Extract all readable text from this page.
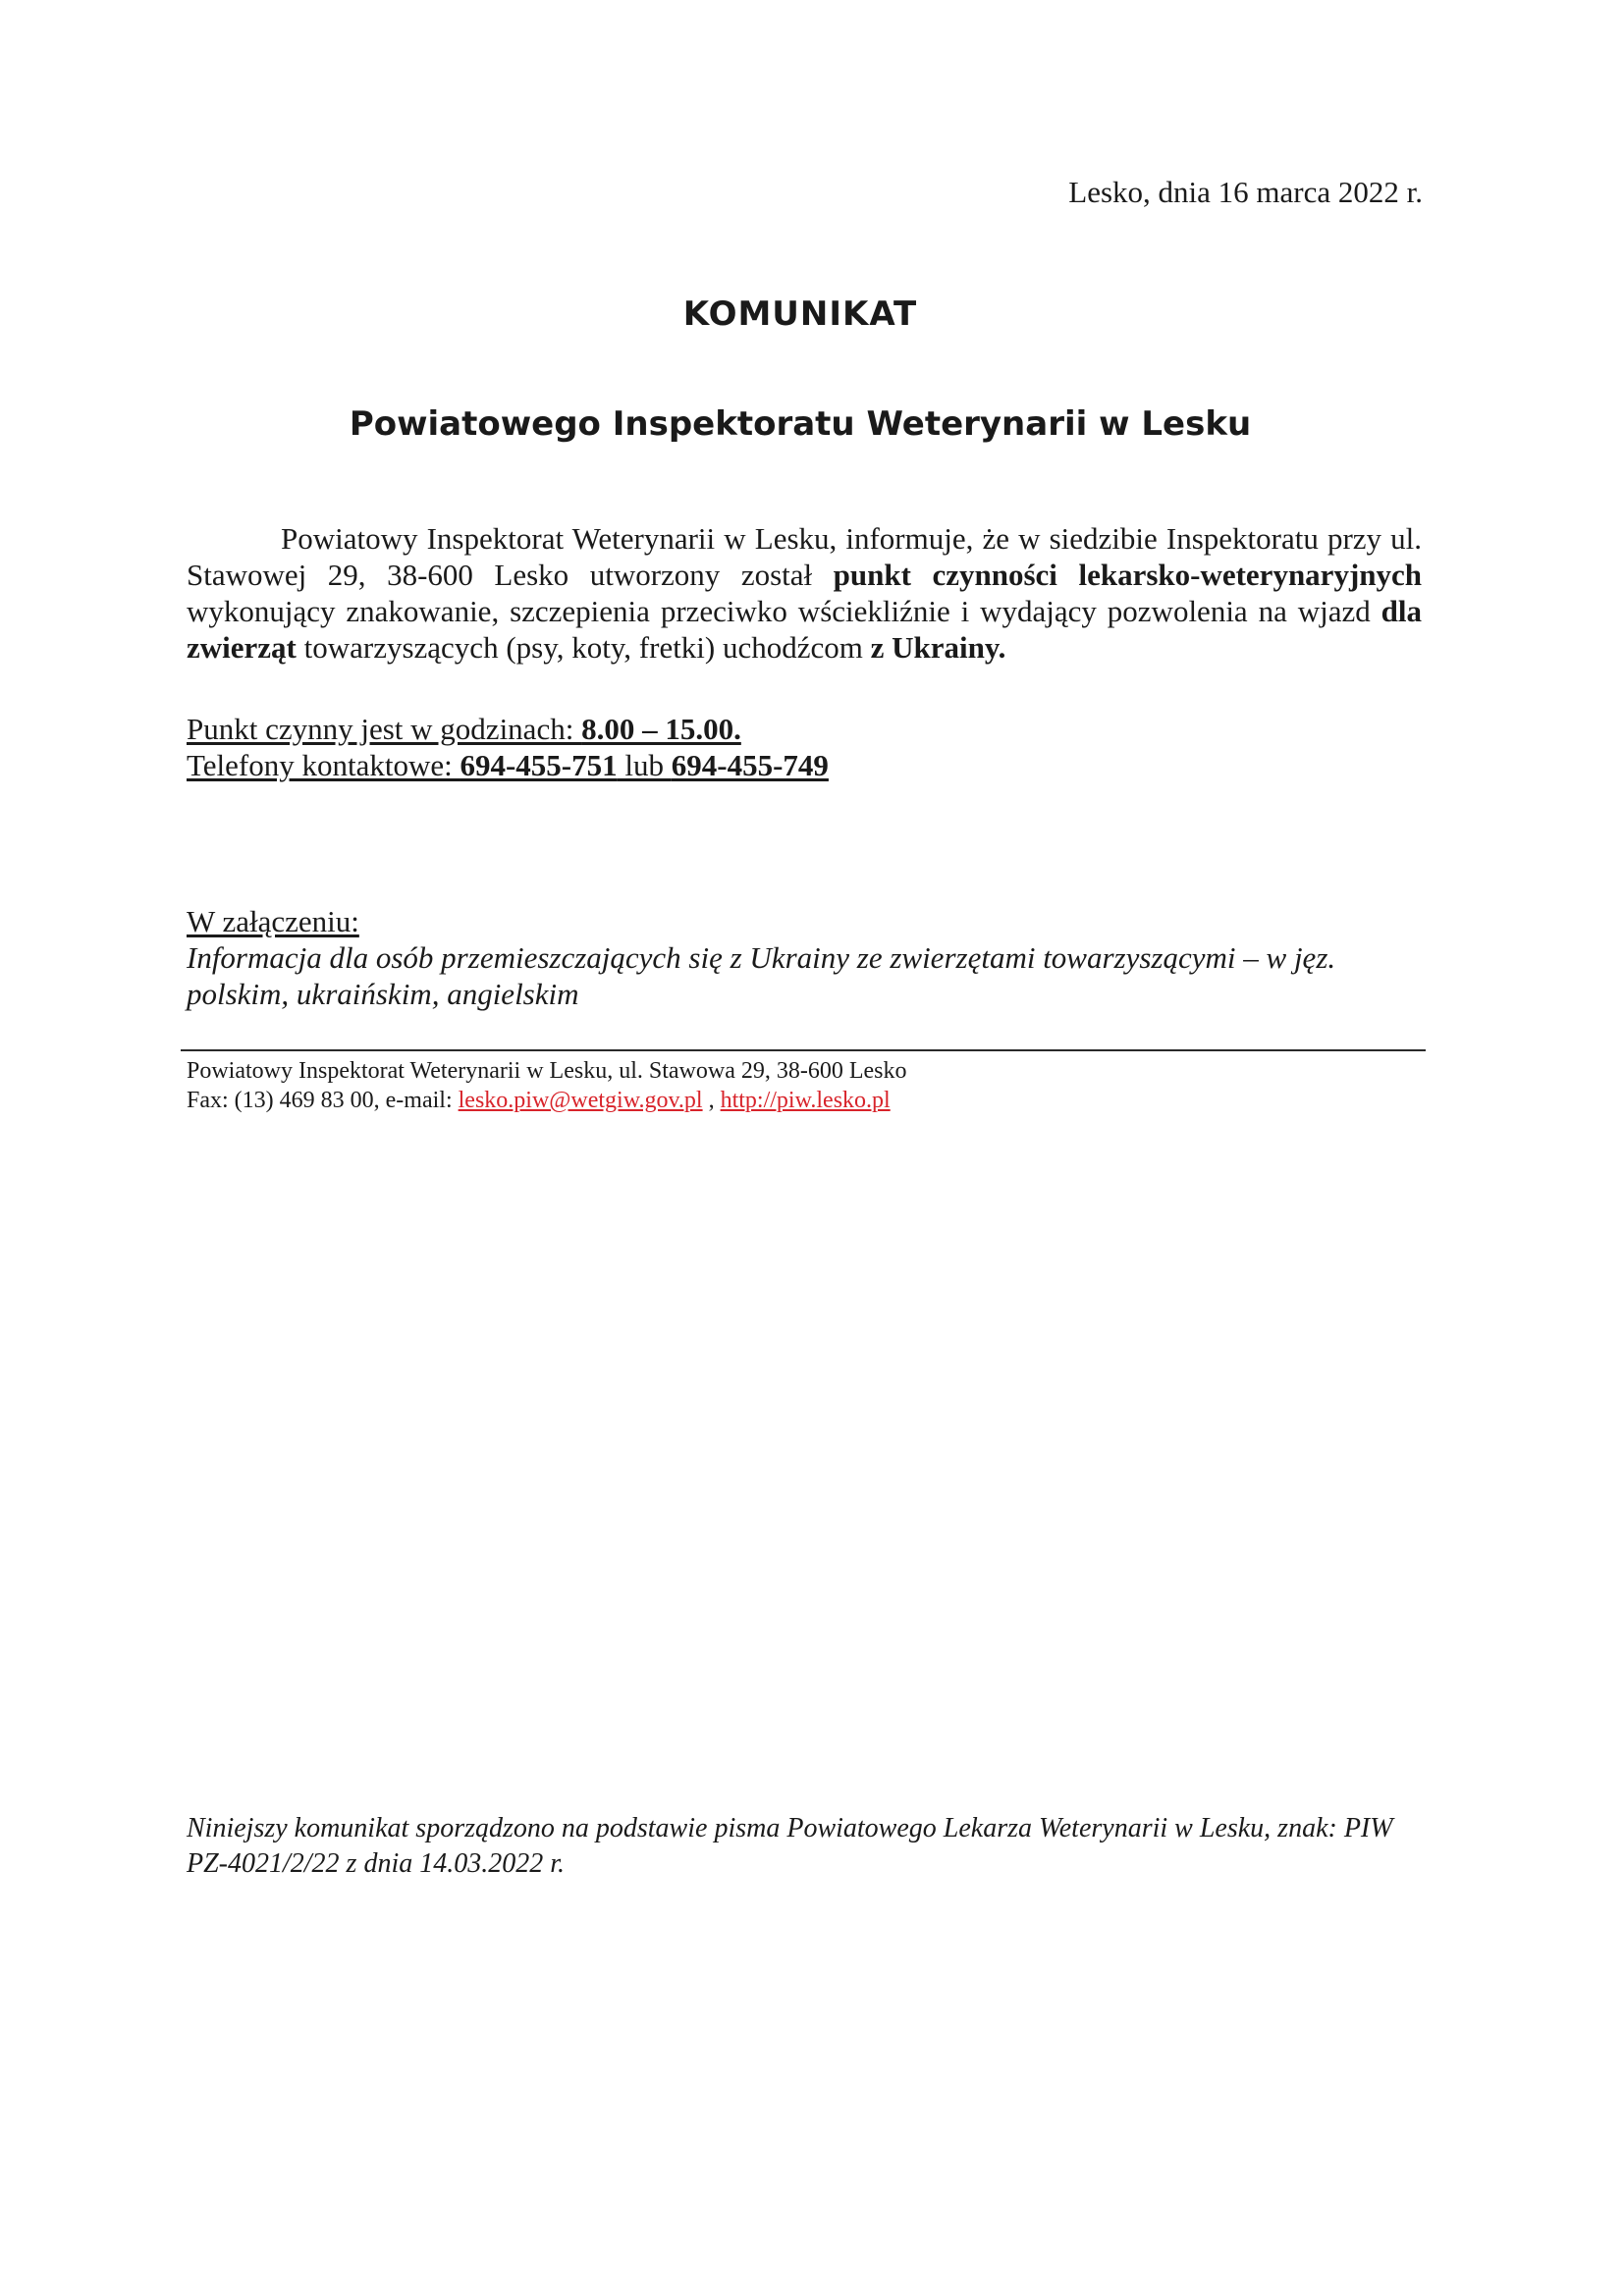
Lesko, dnia 16 marca 2022 r.
KOMUNIKAT
Powiatowego Inspektoratu Weterynarii w Lesku
Powiatowy Inspektorat Weterynarii w Lesku, informuje, że w siedzibie Inspektoratu przy ul. Stawowej 29, 38-600 Lesko utworzony został punkt czynności lekarsko-weterynaryjnych wykonujący znakowanie, szczepienia przeciwko wściekliźnie i wydający pozwolenia na wjazd dla zwierząt towarzyszących (psy, koty, fretki) uchodźcom z Ukrainy.
Punkt czynny jest w godzinach: 8.00 – 15.00.
Telefony kontaktowe: 694-455-751 lub 694-455-749
W załączeniu:
Informacja dla osób przemieszczających się z Ukrainy ze zwierzętami towarzyszącymi – w jęz. polskim, ukraińskim, angielskim
Powiatowy Inspektorat Weterynarii w Lesku, ul. Stawowa 29, 38-600 Lesko
Fax: (13) 469 83 00, e-mail: lesko.piw@wetgiw.gov.pl , http://piw.lesko.pl
Niniejszy komunikat sporządzono na podstawie pisma Powiatowego Lekarza Weterynarii w Lesku, znak: PIW PZ-4021/2/22 z dnia 14.03.2022 r.
